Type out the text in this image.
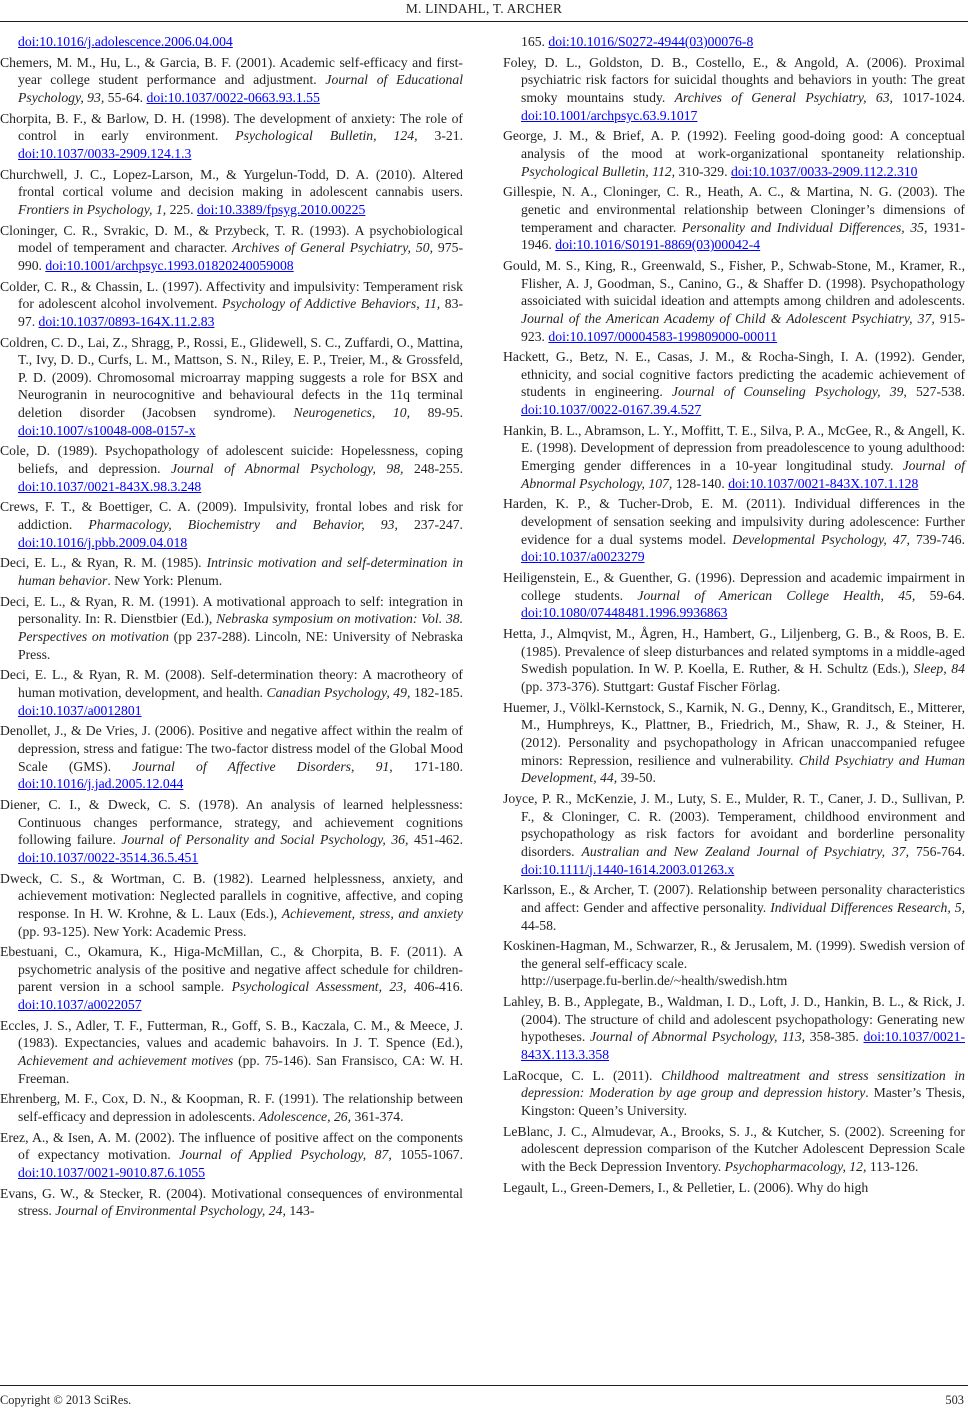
M. LINDAHL, T. ARCHER

doi:10.1016/j.adolescence.2006.04.004

Chemers, M. M., Hu, L., & Garcia, B. F. (2001). Academic self-efficacy and first-year college student performance and adjustment. Journal of Educational Psychology, 93, 55-64. doi:10.1037/0022-0663.93.1.55

Chorpita, B. F., & Barlow, D. H. (1998). The development of anxiety: The role of control in early environment. Psychological Bulletin, 124, 3-21. doi:10.1037/0033-2909.124.1.3

Churchwell, J. C., Lopez-Larson, M., & Yurgelun-Todd, D. A. (2010). Altered frontal cortical volume and decision making in adolescent cannabis users. Frontiers in Psychology, 1, 225. doi:10.3389/fpsyg.2010.00225

Cloninger, C. R., Svrakic, D. M., & Przybeck, T. R. (1993). A psychobiological model of temperament and character. Archives of General Psychiatry, 50, 975-990. doi:10.1001/archpsyc.1993.01820240059008

Colder, C. R., & Chassin, L. (1997). Affectivity and impulsivity: Temperament risk for adolescent alcohol involvement. Psychology of Addictive Behaviors, 11, 83-97. doi:10.1037/0893-164X.11.2.83

Coldren, C. D., Lai, Z., Shragg, P., Rossi, E., Glidewell, S. C., Zuffardi, O., Mattina, T., Ivy, D. D., Curfs, L. M., Mattson, S. N., Riley, E. P., Treier, M., & Grossfeld, P. D. (2009). Chromosomal microarray mapping suggests a role for BSX and Neurogranin in neurocognitive and behavioural defects in the 11q terminal deletion disorder (Jacobsen syndrome). Neurogenetics, 10, 89-95. doi:10.1007/s10048-008-0157-x

Cole, D. (1989). Psychopathology of adolescent suicide: Hopelessness, coping beliefs, and depression. Journal of Abnormal Psychology, 98, 248-255. doi:10.1037/0021-843X.98.3.248

Crews, F. T., & Boettiger, C. A. (2009). Impulsivity, frontal lobes and risk for addiction. Pharmacology, Biochemistry and Behavior, 93, 237-247. doi:10.1016/j.pbb.2009.04.018

Deci, E. L., & Ryan, R. M. (1985). Intrinsic motivation and self-determination in human behavior. New York: Plenum.

Deci, E. L., & Ryan, R. M. (1991). A motivational approach to self: integration in personality. In: R. Dienstbier (Ed.), Nebraska symposium on motivation: Vol. 38. Perspectives on motivation (pp 237-288). Lincoln, NE: University of Nebraska Press.

Deci, E. L., & Ryan, R. M. (2008). Self-determination theory: A macrotheory of human motivation, development, and health. Canadian Psychology, 49, 182-185. doi:10.1037/a0012801

Denollet, J., & De Vries, J. (2006). Positive and negative affect within the realm of depression, stress and fatigue: The two-factor distress model of the Global Mood Scale (GMS). Journal of Affective Disorders, 91, 171-180. doi:10.1016/j.jad.2005.12.044

Diener, C. I., & Dweck, C. S. (1978). An analysis of learned helplessness: Continuous changes performance, strategy, and achievement cognitions following failure. Journal of Personality and Social Psychology, 36, 451-462. doi:10.1037/0022-3514.36.5.451

Dweck, C. S., & Wortman, C. B. (1982). Learned helplessness, anxiety, and achievement motivation: Neglected parallels in cognitive, affective, and coping response. In H. W. Krohne, & L. Laux (Eds.), Achievement, stress, and anxiety (pp. 93-125). New York: Academic Press.

Ebestuani, C., Okamura, K., Higa-McMillan, C., & Chorpita, B. F. (2011). A psychometric analysis of the positive and negative affect schedule for children-parent version in a school sample. Psychological Assessment, 23, 406-416. doi:10.1037/a0022057

Eccles, J. S., Adler, T. F., Futterman, R., Goff, S. B., Kaczala, C. M., & Meece, J. (1983). Expectancies, values and academic bahavoirs. In J. T. Spence (Ed.), Achievement and achievement motives (pp. 75-146). San Fransisco, CA: W. H. Freeman.

Ehrenberg, M. F., Cox, D. N., & Koopman, R. F. (1991). The relationship between self-efficacy and depression in adolescents. Adolescence, 26, 361-374.

Erez, A., & Isen, A. M. (2002). The influence of positive affect on the components of expectancy motivation. Journal of Applied Psychology, 87, 1055-1067. doi:10.1037/0021-9010.87.6.1055

Evans, G. W., & Stecker, R. (2004). Motivational consequences of environmental stress. Journal of Environmental Psychology, 24, 143-

165. doi:10.1016/S0272-4944(03)00076-8

Foley, D. L., Goldston, D. B., Costello, E., & Angold, A. (2006). Proximal psychiatric risk factors for suicidal thoughts and behaviors in youth: The great smoky mountains study. Archives of General Psychiatry, 63, 1017-1024. doi:10.1001/archpsyc.63.9.1017

George, J. M., & Brief, A. P. (1992). Feeling good-doing good: A conceptual analysis of the mood at work-organizational spontaneity relationship. Psychological Bulletin, 112, 310-329. doi:10.1037/0033-2909.112.2.310

Gillespie, N. A., Cloninger, C. R., Heath, A. C., & Martina, N. G. (2003). The genetic and environmental relationship between Cloninger’s dimensions of temperament and character. Personality and Individual Differences, 35, 1931-1946. doi:10.1016/S0191-8869(03)00042-4

Gould, M. S., King, R., Greenwald, S., Fisher, P., Schwab-Stone, M., Kramer, R., Flisher, A. J, Goodman, S., Canino, G., & Shaffer D. (1998). Psychopathology assoiciated with suicidal ideation and attempts among children and adolescents. Journal of the American Academy of Child & Adolescent Psychiatry, 37, 915-923. doi:10.1097/00004583-199809000-00011

Hackett, G., Betz, N. E., Casas, J. M., & Rocha-Singh, I. A. (1992). Gender, ethnicity, and social cognitive factors predicting the academic achievement of students in engineering. Journal of Counseling Psychology, 39, 527-538. doi:10.1037/0022-0167.39.4.527

Hankin, B. L., Abramson, L. Y., Moffitt, T. E., Silva, P. A., McGee, R., & Angell, K. E. (1998). Development of depression from preadolescence to young adulthood: Emerging gender differences in a 10-year longitudinal study. Journal of Abnormal Psychology, 107, 128-140. doi:10.1037/0021-843X.107.1.128

Harden, K. P., & Tucher-Drob, E. M. (2011). Individual differences in the development of sensation seeking and impulsivity during adolescence: Further evidence for a dual systems model. Developmental Psychology, 47, 739-746. doi:10.1037/a0023279

Heiligenstein, E., & Guenther, G. (1996). Depression and academic impairment in college students. Journal of American College Health, 45, 59-64. doi:10.1080/07448481.1996.9936863

Hetta, J., Almqvist, M., Ågren, H., Hambert, G., Liljenberg, G. B., & Roos, B. E. (1985). Prevalence of sleep disturbances and related symptoms in a middle-aged Swedish population. In W. P. Koella, E. Ruther, & H. Schultz (Eds.), Sleep, 84 (pp. 373-376). Stuttgart: Gustaf Fischer Förlag.

Huemer, J., Völkl-Kernstock, S., Karnik, N. G., Denny, K., Granditsch, E., Mitterer, M., Humphreys, K., Plattner, B., Friedrich, M., Shaw, R. J., & Steiner, H. (2012). Personality and psychopathology in African unaccompanied refugee minors: Repression, resilience and vulnerability. Child Psychiatry and Human Development, 44, 39-50.

Joyce, P. R., McKenzie, J. M., Luty, S. E., Mulder, R. T., Caner, J. D., Sullivan, P. F., & Cloninger, C. R. (2003). Temperament, childhood environment and psychopathology as risk factors for avoidant and borderline personality disorders. Australian and New Zealand Journal of Psychiatry, 37, 756-764. doi:10.1111/j.1440-1614.2003.01263.x

Karlsson, E., & Archer, T. (2007). Relationship between personality characteristics and affect: Gender and affective personality. Individual Differences Research, 5, 44-58.

Koskinen-Hagman, M., Schwarzer, R., & Jerusalem, M. (1999). Swedish version of the general self-efficacy scale.
http://userpage.fu-berlin.de/~health/swedish.htm

Lahley, B. B., Applegate, B., Waldman, I. D., Loft, J. D., Hankin, B. L., & Rick, J. (2004). The structure of child and adolescent psychopathology: Generating new hypotheses. Journal of Abnormal Psychology, 113, 358-385. doi:10.1037/0021-843X.113.3.358

LaRocque, C. L. (2011). Childhood maltreatment and stress sensitization in depression: Moderation by age group and depression history. Master’s Thesis, Kingston: Queen’s University.

LeBlanc, J. C., Almudevar, A., Brooks, S. J., & Kutcher, S. (2002). Screening for adolescent depression comparison of the Kutcher Adolescent Depression Scale with the Beck Depression Inventory. Psychopharmacology, 12, 113-126.

Legault, L., Green-Demers, I., & Pelletier, L. (2006). Why do high

Copyright © 2013 SciRes.	503
